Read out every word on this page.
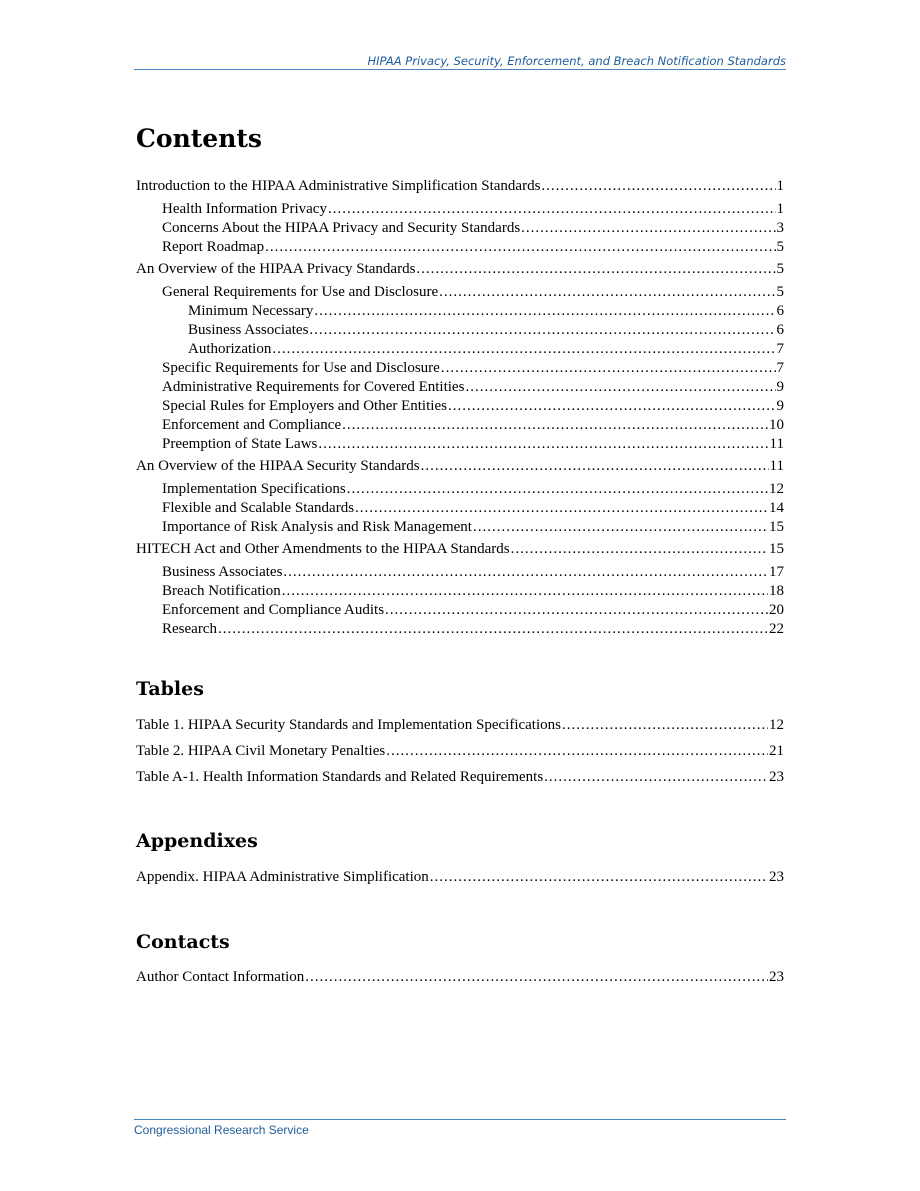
HIPAA Privacy, Security, Enforcement, and Breach Notification Standards
Contents
Introduction to the HIPAA Administrative Simplification Standards .....	1
Health Information Privacy .....	1
Concerns About the HIPAA Privacy and Security Standards .....	3
Report Roadmap .....	5
An Overview of the HIPAA Privacy Standards .....	5
General Requirements for Use and Disclosure .....	5
Minimum Necessary .....	6
Business Associates .....	6
Authorization .....	7
Specific Requirements for Use and Disclosure .....	7
Administrative Requirements for Covered Entities .....	9
Special Rules for Employers and Other Entities .....	9
Enforcement and Compliance .....	10
Preemption of State Laws .....	11
An Overview of the HIPAA Security Standards .....	11
Implementation Specifications .....	12
Flexible and Scalable Standards .....	14
Importance of Risk Analysis and Risk Management .....	15
HITECH Act and Other Amendments to the HIPAA Standards .....	15
Business Associates .....	17
Breach Notification .....	18
Enforcement and Compliance Audits .....	20
Research .....	22
Tables
Table 1. HIPAA Security Standards and Implementation Specifications .....	12
Table 2. HIPAA Civil Monetary Penalties .....	21
Table A-1. Health Information Standards and Related Requirements .....	23
Appendixes
Appendix. HIPAA Administrative Simplification .....	23
Contacts
Author Contact Information .....	23
Congressional Research Service
